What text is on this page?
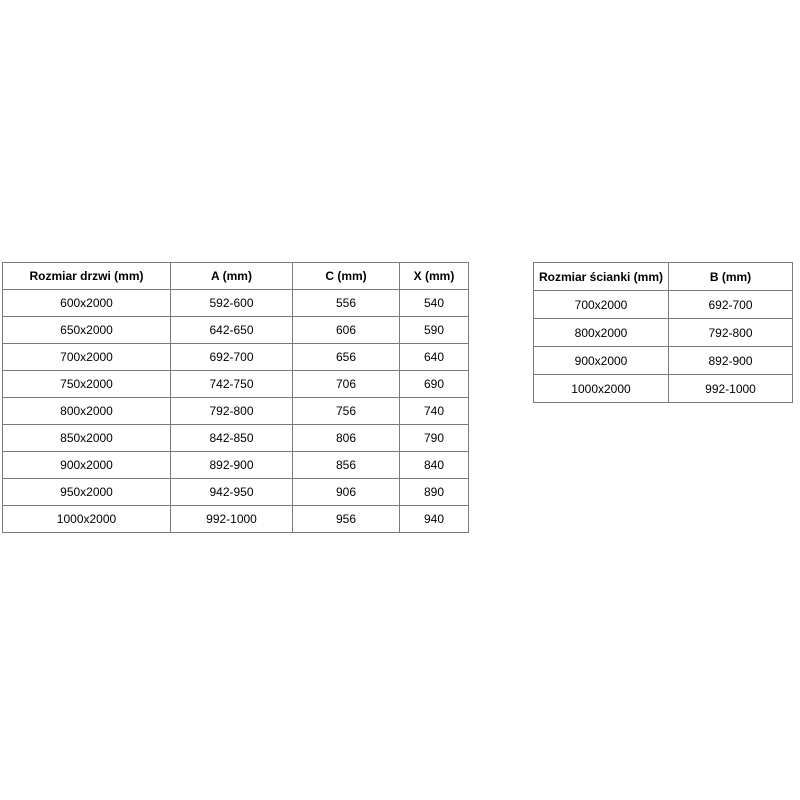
Rozmiar drzwi (mm)	A (mm)	C (mm)	X (mm)
600x2000	592-600	556	540
650x2000	642-650	606	590
700x2000	692-700	656	640
750x2000	742-750	706	690
800x2000	792-800	756	740
850x2000	842-850	806	790
900x2000	892-900	856	840
950x2000	942-950	906	890
1000x2000	992-1000	956	940
Rozmiar ścianki (mm)	B (mm)
700x2000	692-700
800x2000	792-800
900x2000	892-900
1000x2000	992-1000
